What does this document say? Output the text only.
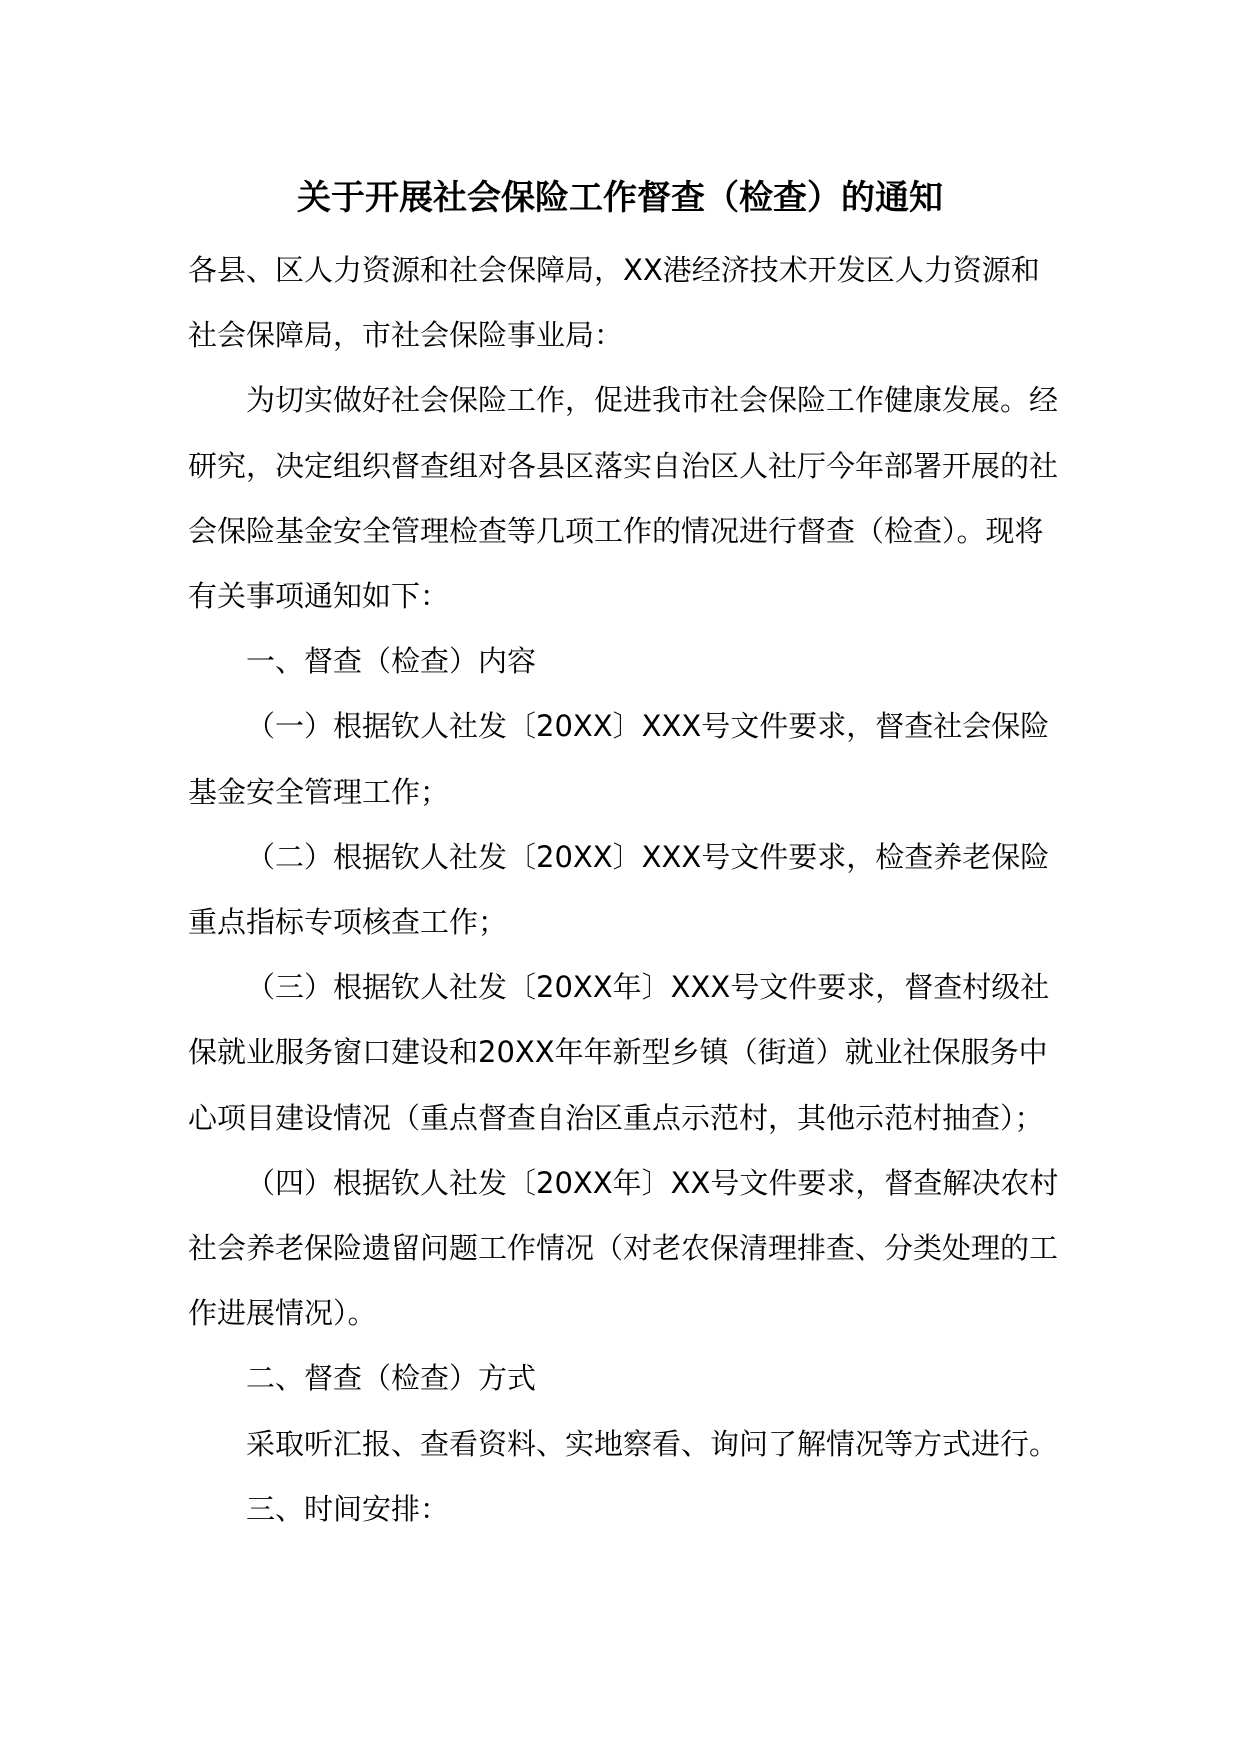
关于开展社会保险工作督查（检查）的通知

各县、区人力资源和社会保障局，XX港经济技术开发区人力资源和社会保障局，市社会保险事业局：

为切实做好社会保险工作，促进我市社会保险工作健康发展。经研究，决定组织督查组对各县区落实自治区人社厅今年部署开展的社会保险基金安全管理检查等几项工作的情况进行督查（检查）。现将有关事项通知如下：

一、督查（检查）内容

（一）根据钦人社发〔20XX〕XXX号文件要求，督查社会保险基金安全管理工作；

（二）根据钦人社发〔20XX〕XXX号文件要求，检查养老保险重点指标专项核查工作；

（三）根据钦人社发〔20XX年〕XXX号文件要求，督查村级社保就业服务窗口建设和20XX年年新型乡镇（街道）就业社保服务中心项目建设情况（重点督查自治区重点示范村，其他示范村抽查）；

（四）根据钦人社发〔20XX年〕XX号文件要求，督查解决农村社会养老保险遗留问题工作情况（对老农保清理排查、分类处理的工作进展情况）。

二、督查（检查）方式

采取听汇报、查看资料、实地察看、询问了解情况等方式进行。

三、时间安排：
